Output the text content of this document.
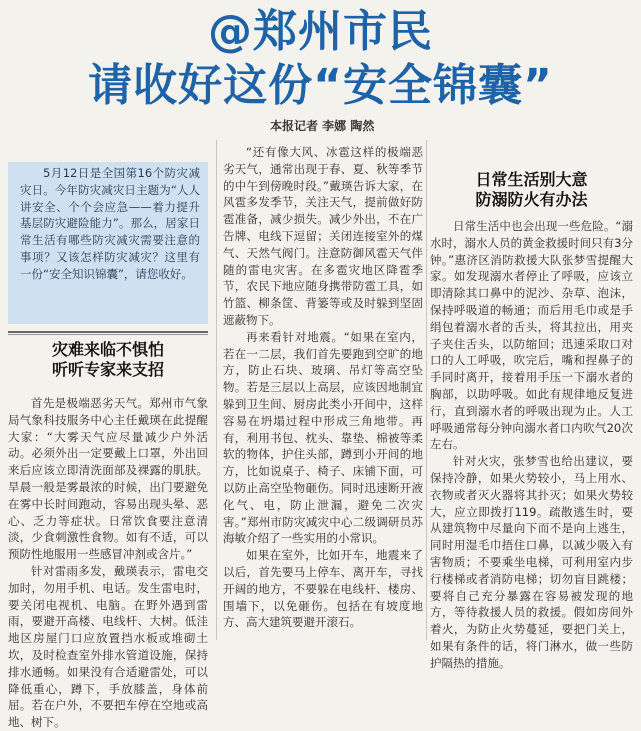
@郑州市民
请收好这份“安全锦囊”
本报记者 李娜 陶然

5月12日是全国第16个防灾减灾日。今年防灾减灾日主题为“人人讲安全、个个会应急——着力提升基层防灾避险能力”。那么，居家日常生活有哪些防灾减灾需要注意的事项？又该怎样防灾减灾？这里有一份“安全知识锦囊”，请您收好。

灾难来临不惧怕
听听专家来支招

首先是极端恶劣天气。郑州市气象局气象科技服务中心主任戴瑛在此提醒大家：“大雾天气应尽量减少户外活动。必须外出一定要戴上口罩，外出回来后应该立即清洗面部及裸露的肌肤。旱晨一般是雾最浓的时候，出门要避免在雾中长时间跑动，容易出现头晕、恶心、乏力等症状。日常饮食要注意清淡，少食刺激性食物。如有不适，可以预防性地服用一些感冒冲剂或含片。”

针对雷雨多发，戴瑛表示，雷电交加时，勿用手机、电话。发生雷电时，要关闭电视机、电脑。在野外遇到雷雨，要避开高楼、电线杆、大树。低洼地区房屋门口应放置挡水板或堆砌土坎，及时检查室外排水管道设施，保持排水通畅。如果没有合适避雷处，可以降低重心，蹲下，手放膝盖，身体前屈。若在户外，不要把车停在空地或高地、树下。

“还有像大风、冰雹这样的极端恶劣天气，通常出现于春、夏、秋等季节的中午到傍晚时段。”戴瑛告诉大家，在风雹多发季节，关注天气，提前做好防雹准备，减少损失。减少外出，不在广告牌、电线下逗留；关闭连接室外的煤气、天然气阀门。注意防御风雹天气伴随的雷电灾害。在多雹灾地区降雹季节，农民下地应随身携带防雹工具，如竹篮、柳条筐、背篓等或及时躲到坚固遮蔽物下。

再来看针对地震。“如果在室内，若在一二层，我们首先要跑到空旷的地方，防止石块、玻璃、吊灯等高空坠物。若是三层以上高层，应该因地制宜躲到卫生间、厨房此类小开间中，这样容易在坍塌过程中形成三角地带。再有，利用书包、枕头、靠垫、棉被等柔软的物体，护住头部，蹲到小开间的地方，比如说桌子、椅子、床铺下面，可以防止高空坠物砸伤。同时迅速断开液化气、电，防止泄漏，避免二次灾害。”郑州市防灾减灾中心二级调研员苏海敏介绍了一些实用的小常识。

如果在室外，比如开车，地震来了以后，首先要马上停车、离开车，寻找开阔的地方，不要躲在电线杆、楼房、围墙下，以免砸伤。包括在有坡度地方、高大建筑要避开滚石。

日常生活别大意
防溺防火有办法

日常生活中也会出现一些危险。“溺水时，溺水人员的黄金救援时间只有3分钟。”惠济区消防救援大队张梦雪提醒大家。如发现溺水者停止了呼吸，应该立即清除其口鼻中的泥沙、杂草、泡沫，保持呼吸道的畅通；而后用毛巾或是手绢包着溺水者的舌头，将其拉出，用夹子夹住舌头，以防缩回；迅速采取口对口的人工呼吸，吹完后，嘴和捏鼻子的手同时离开，接着用手压一下溺水者的胸部，以助呼吸。如此有规律地反复进行，直到溺水者的呼吸出现为止。人工呼吸通常每分钟向溺水者口内吹气20次左右。

针对火灾，张梦雪也给出建议，要保持冷静，如果火势较小，马上用水、衣物或者灭火器将其扑灭；如果火势较大，应立即拨打119。疏散逃生时，要从建筑物中尽量向下而不是向上逃生，同时用湿毛巾捂住口鼻，以减少吸入有害物质；不要乘坐电梯，可利用室内步行楼梯或者消防电梯；切勿盲目跳楼；要将自己充分暴露在容易被发现的地方，等待救援人员的救援。假如房间外着火，为防止火势蔓延，要把门关上，如果有条件的话，将门淋水，做一些防护隔热的措施。
